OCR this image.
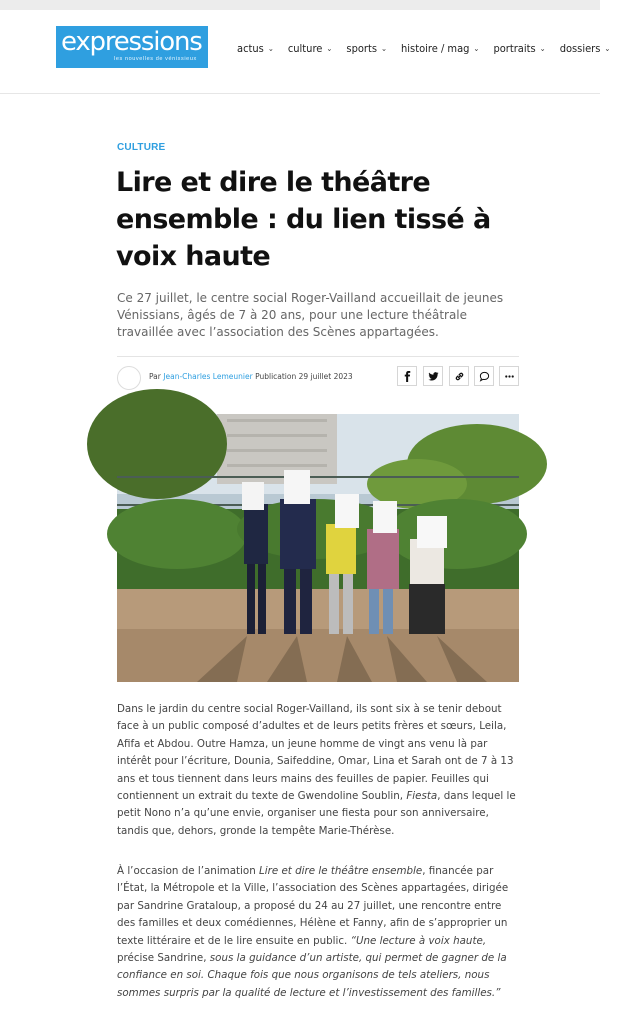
expressions
les nouvelles de vénissieux
actus ⌄ culture ⌄ sports ⌄ histoire / mag ⌄ portraits ⌄ dossiers ⌄
CULTURE
Lire et dire le théâtre ensemble : du lien tissé à voix haute

Ce 27 juillet, le centre social Roger-Vailland accueillait de jeunes Vénissians, âgés de 7 à 20 ans, pour une lecture théâtrale travaillée avec l’association des Scènes appartagées.

Par Jean-Charles Lemeunier Publication 29 juillet 2023

Dans le jardin du centre social Roger-Vailland, ils sont six à se tenir debout face à un public composé d’adultes et de leurs petits frères et sœurs, Leila, Afifa et Abdou. Outre Hamza, un jeune homme de vingt ans venu là par intérêt pour l’écriture, Dounia, Saifeddine, Omar, Lina et Sarah ont de 7 à 13 ans et tous tiennent dans leurs mains des feuilles de papier. Feuilles qui contiennent un extrait du texte de Gwendoline Soublin, Fiesta, dans lequel le petit Nono n’a qu’une envie, organiser une fiesta pour son anniversaire, tandis que, dehors, gronde la tempête Marie-Thérèse.

À l’occasion de l’animation Lire et dire le théâtre ensemble, financée par l’État, la Métropole et la Ville, l’association des Scènes appartagées, dirigée par Sandrine Grataloup, a proposé du 24 au 27 juillet, une rencontre entre des familles et deux comédiennes, Hélène et Fanny, afin de s’approprier un texte littéraire et de le lire ensuite en public. “Une lecture à voix haute, précise Sandrine, sous la guidance d’un artiste, qui permet de gagner de la confiance en soi. Chaque fois que nous organisons de tels ateliers, nous sommes surpris par la qualité de lecture et l’investissement des familles.”
